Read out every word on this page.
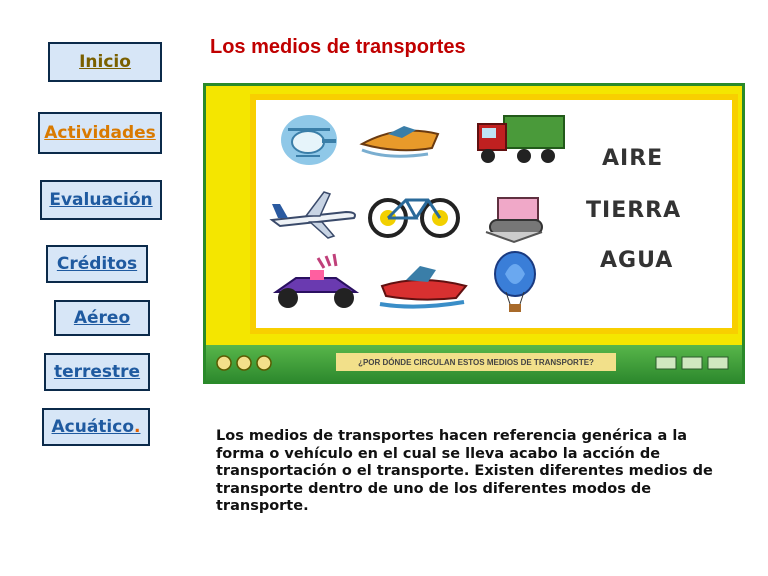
Inicio
Actividades
Evaluación
Créditos
Aéreo
terrestre
Acuático .
Los medios de transportes
AIRE
TIERRA
AGUA
¿POR DÓNDE CIRCULAN ESTOS MEDIOS DE TRANSPORTE?
Los medios de transportes hacen referencia genérica a la forma o vehículo en el cual se lleva acabo la acción de transportación o el transporte. Existen diferentes medios de transporte dentro de uno de los diferentes modos de transporte.
